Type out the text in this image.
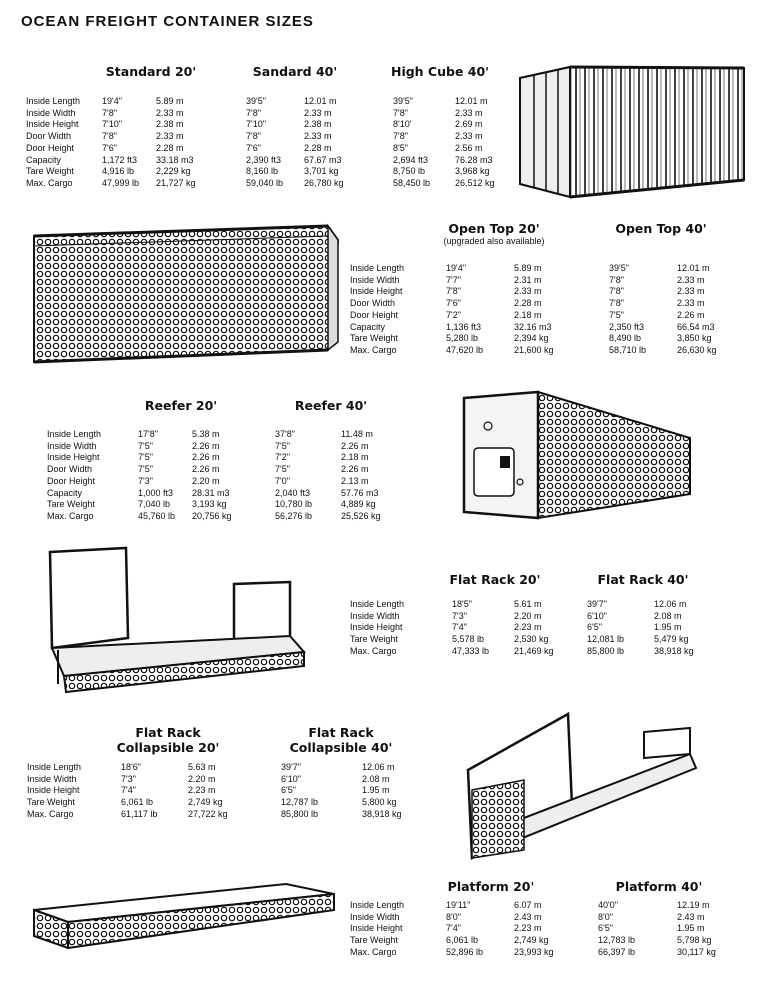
OCEAN FREIGHT CONTAINER SIZES
Standard 20'	Sandard 40'	High Cube 40'
Inside Length 19'4"	5.89 m	39'5"	12.01 m	39'5"	12.01 m
Inside Width	7'8"	2.33 m	7'8"	2.33 m	7'8"	2.33 m
Inside Height	7'10"	2.38 m	7'10"	2.38 m	8'10'	2.69 m
Door Width	7'8"	2.33 m	7'8"	2.33 m	7'8"	2.33 m
Door Height	7'6"	2.28 m	7'6"	2.28 m	8'5"	2.56 m
Capacity	1,172 ft3 33.18 m3	2,390 ft3	67.67 m3	2,694 ft3	76.28 m3
Tare Weight	4,916 lb 2,229 kg	8,160 lb	3,701 kg	8,750 lb	3,968 kg
Max. Cargo	47,999 lb 21,727 kg	59,040 lb 26,780 kg	58,450 lb	26,512 kg
Open Top 20'
(upgraded also available)
Open Top 40'
Inside Length	19'4"	5.89 m	39'5"	12.01 m
Inside Width	7'7"	2.31 m	7'8"	2.33 m
Inside Height	7'8"	2.33 m	7'8"	2.33 m
Door Width	7'6"	2.28 m	7'8"	2.33 m
Door Height	7'2"	2.18 m	7'5"	2.26 m
Capacity	1,136 ft3	32.16 m3	2,350 ft3	66.54 m3
Tare Weight	5,280 lb	2,394 kg	8,490 lb	3,850 kg
Max. Cargo	47,620 lb	21,600 kg	58,710 lb	26,630 kg
Reefer 20'	Reefer 40'
Inside Length	17'8"	5.38 m	37'8"	11.48 m
Inside Width	7'5"	2.26 m	7'5"	2.26 m
Inside Height	7'5"	2.26 m	7'2"	2.18 m
Door Width	7'5"	2.26 m	7'5"	2.26 m
Door Height	7'3"	2.20 m	7'0"	2.13 m
Capacity	1,000 ft3 28.31 m3	2,040 ft3	57.76 m3
Tare Weight	7,040 lb 3,193 kg	10,780 lb	4,889 kg
Max. Cargo	45,760 lb 20,756 kg	56,276 lb	25,526 kg
Flat Rack 20'	Flat Rack 40'
Inside Length	18'5"	5.61 m	39'7"	12.06 m
Inside Width	7'3"	2.20 m	6'10"	2.08 m
Inside Height	7'4"	2.23 m	6'5"	1.95 m
Tare Weight	5,578 lb	2,530 kg	12,081 lb	5,479 kg
Max. Cargo	47,333 lb	21,469 kg	85,800 lb	38,918 kg
Flat Rack
Collapsible 20'
Flat Rack
Collapsible 40'
Inside Length	18'6"	5.63 m	39'7"	12.06 m
Inside Width	7'3"	2.20 m	6'10"	2.08 m
Inside Height	7'4"	2.23 m	6'5"	1.95 m
Tare Weight	6,061 lb	2,749 kg	12,787 lb	5,800 kg
Max. Cargo	61,117 lb	27,722 kg	85,800 lb	38,918 kg
Platform 20'	Platform 40'
Inside Length	19'11"	6.07 m	40'0"	12.19 m
Inside Width	8'0"	2.43 m	8'0"	2.43 m
Inside Height	7'4"	2.23 m	6'5"	1.95 m
Tare Weight	6,061 lb	2,749 kg	12,783 lb	5,798 kg
Max. Cargo	52,896 lb	23,993 kg	66,397 lb	30,117 kg
